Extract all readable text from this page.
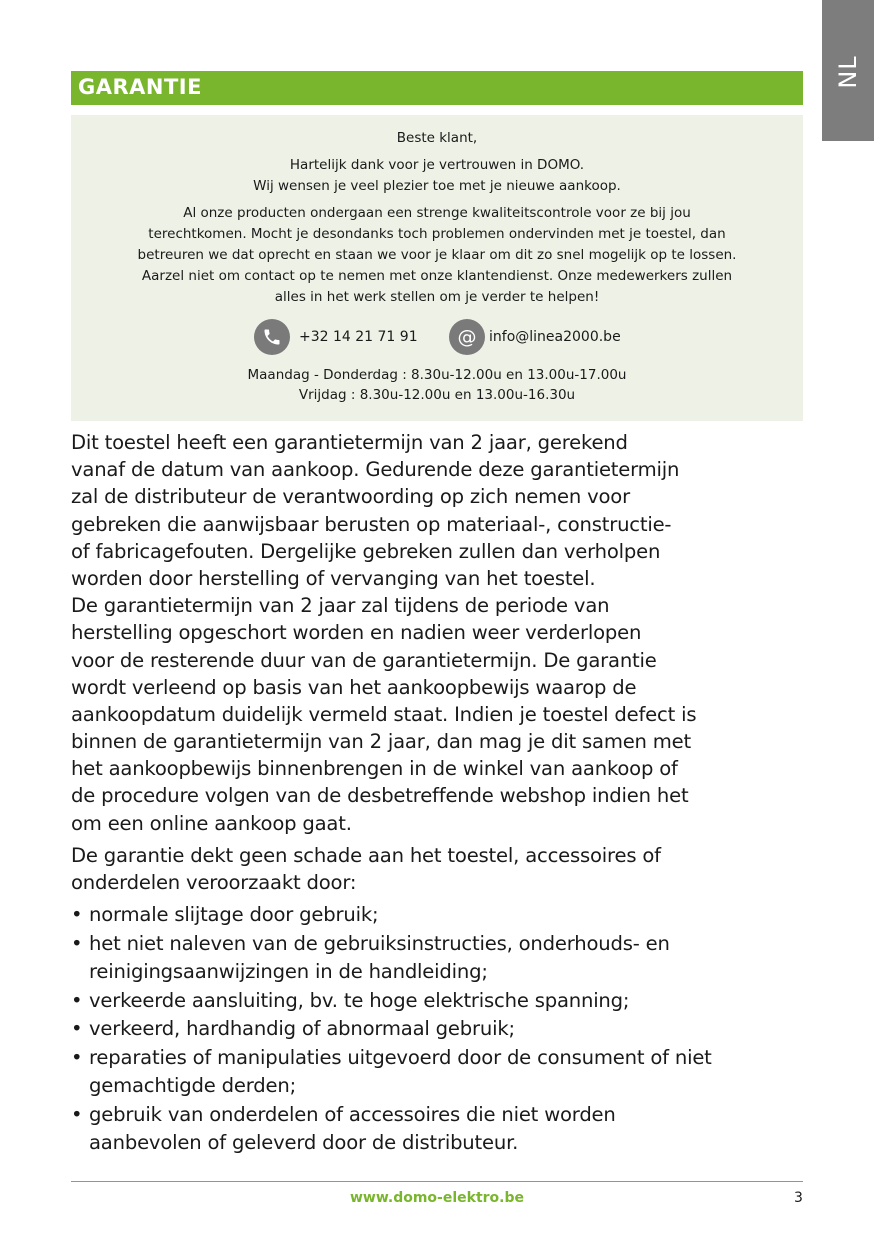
NL
GARANTIE
Beste klant,
Hartelijk dank voor je vertrouwen in DOMO.
Wij wensen je veel plezier toe met je nieuwe aankoop.
Al onze producten ondergaan een strenge kwaliteitscontrole voor ze bij jou
terechtkomen. Mocht je desondanks toch problemen ondervinden met je toestel, dan
betreuren we dat oprecht en staan we voor je klaar om dit zo snel mogelijk op te lossen.
Aarzel niet om contact op te nemen met onze klantendienst. Onze medewerkers zullen
alles in het werk stellen om je verder te helpen!
+32 14 21 71 91	@ info@linea2000.be
Maandag - Donderdag : 8.30u-12.00u en 13.00u-17.00u
Vrijdag : 8.30u-12.00u en 13.00u-16.30u
Dit toestel heeft een garantietermijn van 2 jaar, gerekend
vanaf de datum van aankoop. Gedurende deze garantietermijn
zal de distributeur de verantwoording op zich nemen voor
gebreken die aanwijsbaar berusten op materiaal-, constructie-
of fabricagefouten. Dergelijke gebreken zullen dan verholpen
worden door herstelling of vervanging van het toestel.
De garantietermijn van 2 jaar zal tijdens de periode van
herstelling opgeschort worden en nadien weer verderlopen
voor de resterende duur van de garantietermijn. De garantie
wordt verleend op basis van het aankoopbewijs waarop de
aankoopdatum duidelijk vermeld staat. Indien je toestel defect is
binnen de garantietermijn van 2 jaar, dan mag je dit samen met
het aankoopbewijs binnenbrengen in de winkel van aankoop of
de procedure volgen van de desbetreffende webshop indien het
om een online aankoop gaat.
De garantie dekt geen schade aan het toestel, accessoires of
onderdelen veroorzaakt door:
• normale slijtage door gebruik;
• het niet naleven van de gebruiksinstructies, onderhouds- en
reinigingsaanwijzingen in de handleiding;
• verkeerde aansluiting, bv. te hoge elektrische spanning;
• verkeerd, hardhandig of abnormaal gebruik;
• reparaties of manipulaties uitgevoerd door de consument of niet
gemachtigde derden;
• gebruik van onderdelen of accessoires die niet worden
aanbevolen of geleverd door de distributeur.
www.domo-elektro.be	3
